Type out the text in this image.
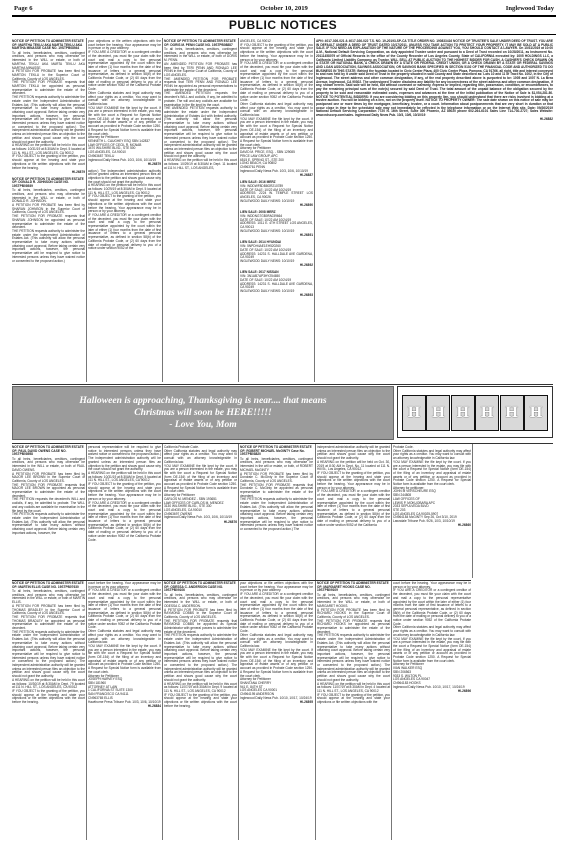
Page 6	October 10, 2019	Inglewood Today
PUBLIC NOTICES
Halloween is approaching, Thanksgiving is near.... that means
Christmas will soon be HERE!!!!!
- Love You, Mom
H H H H H H
NOTICE OF PETITION TO ADMINISTER ESTATE OF: MARTHA TEKLU AKA MARTA TEKLU AKA MARTHA MINASSE CASE NO. 19STPB08944
To all heirs, beneficiaries, creditors, contingent creditors, and persons who may otherwise be interested in the WILL or estate, or both of MARTHA TEKLU AKA MARTA TEKLU AKA MARTHA MINASSE.
A PETITION FOR PROBATE has been filed by MARTON TEKLU in the Superior Court of California, County of LOS ANGELES.
THE PETITION FOR PROBATE requests that MARTON TEKLU be appointed as personal representative to administer the estate of the decedent.
THE PETITION requests authority to administer the estate under the Independent Administration of Estates Act. (This authority will allow the personal representative to take many actions without obtaining court approval. Before taking certain very important actions, however, the personal representative will be required to give notice to interested persons unless they have waived notice or consented to the proposed action.) The independent administration authority will be granted unless an interested person files an objection to the petition and shows good cause why the court should not grant the authority.
A HEARING on the petition will be held in this court as follows: 10/31/19 at 8:30AM in Dept. 5 located at 111 N. HILL ST., LOS ANGELES, CA 90012
IF YOU OBJECT to the granting of the petition, you should appear at the hearing and state your objections or file written objections with the court before the hearing.
HI-26879
NOTICE OF PETITION TO ADMINISTER ESTATE OF: DONALD R. JOHNSON CASE NO. 19STPB08939
To all heirs, beneficiaries, creditors, contingent creditors, and persons who may otherwise be interested in the WILL or estate, or both of DONALD R. JOHNSON.
A PETITION FOR PROBATE has been filed by SHARAN JOHNSON in the Superior Court of California, County of LOS ANGELES.
THE PETITION FOR PROBATE requests that SHARAN JOHNSON be appointed as personal representative to administer the estate of the decedent.
THE PETITION requests authority to administer the estate under the Independent Administration of Estates Act. (This authority will allow the personal representative to take many actions without obtaining court approval. Before taking certain very important actions, however, the personal representative will be required to give notice to interested persons unless they have waived notice or consented to the proposed action.)
your objections or file written objections with the court before the hearing. Your appearance may be in person or by your attorney.
IF YOU ARE A CREDITOR or a contingent creditor of the decedent, you must file your claim with the court and mail a copy to the personal representative appointed by the court within the later of either (1) four months from the date of first issuance of letters to a general personal representative, as defined in section 58(b) of the California Probate Code, or (2) 60 days from the date of mailing or personal delivery to you of a notice under section 9052 of the California Probate Code.
Other California statutes and legal authority may affect your rights as a creditor. You may want to consult with an attorney knowledgeable in California law.
YOU MAY EXAMINE the file kept by the court. If you are a person interested in the estate, you may file with the court a Request for Special Notice (form DE-154) of the filing of an inventory and appraisal of estate assets or of any petition or account as provided in Probate Code section 1250. A Request for Special Notice form is available from the court clerk.
Attorney for Petitioner
KENNETH L. CAUGHEY ESQ SBN 142837
LAW OFFICES OF CECIL R. MCNAB
3470 WILSHIRE BLVD., STE 500
LOS ANGELES, CA 90010
CN963687 TEKLU
Inglewood Daily News Pub. 10/3, 10/6, 10/10/19
HI-26879
action.) The independent administration authority will be granted unless an interested person files an objection to the petition and shows good cause why the court should not grant the authority.
A HEARING on the petition will be held in this court as follows: 10/29/19 at 8:30AM in Dept. 5 located at 111 N. HILL ST., LOS ANGELES, CA 90012
IF YOU OBJECT to the granting of the petition, you should appear at the hearing and state your objections or file written objections with the court before the hearing. Your appearance may be in person or by your attorney.
IF YOU ARE A CREDITOR or a contingent creditor of the decedent, you must file your claim with the court and mail a copy to the personal representative appointed by the court within the later of either (1) four months from the date of first issuance of letters to a general personal representative, as defined in section 58(b) of the California Probate Code, or (2) 60 days from the date of mailing or personal delivery to you of a notice under section 9052 of the
NOTICE OF PETITION TO ADMINISTER ESTATE OF: DORIS M. PENN CASE NO. 19STPB08887
To all heirs, beneficiaries, creditors, contingent creditors, and persons who may otherwise be interested in the WILL or estate, or both of DORIS M. PENN.
AN AMENDED PETITION FOR PROBATE has been filed by TERI PENN AND RONALD LEE PENN in the Superior Court of California, County of LOS ANGELES.
THE AMENDED PETITION FOR PROBATE requests that TERI PENN AND RONALD LEE PENN be appointed as personal representatives to administer the estate of the decedent.
THE AMENDED PETITION requests the decedent's WILL and codicils, if any, be admitted to probate. The will and any codicils are available for examination in the file kept by the court.
THE AMENDED PETITION requests authority to administer the estate under the Independent Administration of Estates Act with limited authority. (This authority will allow the personal representative to take many actions without obtaining court approval. Before taking certain very important actions, however, the personal representative will be required to give notice to interested persons unless they have waived notice or consented to the proposed action.) The independent administration authority will be granted unless an interested person files an objection to the petition and shows good cause why the court should not grant the authority.
A HEARING on the petition will be held in this court as follows: 10/29/19 at 8:30AM in Dept. 11 located at 111 N. HILL ST., LOS ANGELES,
ANGELES, CA 90012
IF YOU OBJECT to the granting of the petition, you should appear at the hearing and state your objections or file written objections with the court before the hearing. Your appearance may be in person or by your attorney.
IF YOU ARE A CREDITOR or a contingent creditor of the decedent, you must file your claim with the court and mail a copy to the personal representative appointed by the court within the later of either (1) four months from the date of first issuance of letters to a general personal representative, as defined in section 58(b) of the California Probate Code, or (2) 60 days from the date of mailing or personal delivery to you of a notice under section 9052 of the California Probate Code.
Other California statutes and legal authority may affect your rights as a creditor. You may want to consult with an attorney knowledgeable in California law.
YOU MAY EXAMINE the file kept by the court. If you are a person interested in the estate, you may file with the court a Request for Special Notice (form DE-154) of the filing of an inventory and appraisal of estate assets or of any petition or account as provided in Probate Code section 1250. A Request for Special Notice form is available from the court clerk.
Attorney for Petitioner
DAVID M. PRICE, ESQ. - SBN 129085
PRICE LAW GROUP, APC
6515 E. SPRING ST., STE 200
LONG BEACH, CA 90802
CN963761 PENN
Inglewood Daily News Pub. 10/3, 10/6, 10/10/19
HI-26887
LIEN SALE: 2016 MERZ
VIN: WDDWF8DB8GR210789
DATE OF SALE: 10/22 AM 10/24/19
ADDRESS: 2224 W. TEMPLE STREET LOS ANGELES, CA 90026
INGLEWOOD DAILY NEWS: 10/10/19
HI-26890
LIEN SALE: 2008 MERZ
VIN: WDDNG7GB0FA039664
DATE OF SALE: 10/22 AM 10/24/19
ADDRESS: 1011 E. 4TH STREET LOS ANGELES, CA 90013
INGLEWOOD DAILY NEWS: 10/10/19
HI-26891
LIEN SALE: 2014 HYUNDAI
VIN: 5NPDH4AE1EH520260
DATE OF SALE: 10/22 AM 10/24/19
ADDRESS: 14231 S. HALLDALE AVE GARDENA, CA 90249
INGLEWOOD DAILY NEWS: 10/10/19
HI-26892
LIEN SALE: 2017 NISSAN
VIN: 3N1AB7AP3HY254650
DATE OF SALE: 10/22 AM 10/24/19
ADDRESS: 14231 S. HALLDALE AVE GARDENA, CA 90249
INGLEWOOD DAILY NEWS: 10/10/19
HI-26893
APN: 4017-026-021 & 4017-026-022 T.S. NO. 19-20193-SP-CA TITLE ORDER NO. 190833416 NOTICE OF TRUSTEE'S SALE UNDER DEED OF TRUST. YOU ARE IN DEFAULT UNDER A DEED OF TRUST DATED 10/17/2011. UNLESS YOU TAKE ACTION TO PROTECT YOUR PROPERTY, IT MAY BE SOLD AT A PUBLIC SALE. IF YOU NEED AN EXPLANATION OF THE NATURE OF THE PROCEEDING AGAINST YOU, YOU SHOULD CONTACT A LAWYER. On 10/31/2019 at 10:00 A.M., National Default Servicing Corporation, as duly appointed Trustee under and pursuant to a Deed of Trust recorded on 10/28/2011, as Instrument No. 20111458079 of Official Records in the office of the County Recorder of Los Angeles County, State of CALIFORNIA executed by: 1005 HOLDINGS LLC, a California Limited Liability Company, as Trustor, WILL SELL AT PUBLIC AUCTION TO THE HIGHEST BIDDER FOR CASH, A CASHIER'S CHECK DRAWN ON A STATE OR NATIONAL BANK, A CHECK DRAWN BY A STATE OR FEDERAL CREDIT UNION, OR A CHECK DRAWN BY A STATE OR FEDERAL SAVINGS AND LOAN ASSOCIATION, SAVINGS ASSOCIATION, OR SAVINGS BANK SPECIFIED IN SECTION 5102 OF THE FINANCIAL CODE AND AUTHORIZED TO DO BUSINESS IN THIS STATE; Behind the fountain located in Civic Center Plaza, 400 Civic Center Plaza, Pomona, CA 91766, all right, title and interest conveyed to and now held by it under said Deed of Trust in the property situated in said County and State described as: Lots 10 and 11 of Tract No. 1002, in the City of Inglewood. The street address and other common designation, if any, of the real property described above is purported to be: 1005 and 1007 N. La Brea Avenue, Inglewood, CA 90302. The undersigned Trustee disclaims any liability for any incorrectness of the street address and other common designation, if any, shown herein. Said sale will be held, but without covenant or warranty, express or implied, regarding title, possession, condition, or encumbrances, to pay the remaining principal sum of the note(s) secured by said Deed of Trust. The total amount of the unpaid balance of the obligation secured by the property to be sold and reasonable estimated costs, expenses and advances at the time of the initial publication of the Notice of Sale is $1,054,281.80. NOTICE TO POTENTIAL BIDDERS: If you are considering bidding on this property lien, you should understand that there are risks involved in bidding at a trustee auction. You will be bidding on a lien, not on the property itself. NOTICE TO PROPERTY OWNER: The sale date shown on this notice of sale may be postponed one or more times by the mortgagee, beneficiary, trustee, or a court. Information about postponements that are very short in duration or that occur close in time to the scheduled sale may not immediately be reflected in the telephone information or on the Internet Web site. Date: 09/26/2019 National Default Servicing Corporation 7720 N. 16th Street, Suite 300 Phoenix, AZ 85020 phone 602-264-6101 Sales Line 714-730-2727; Sales Website: www.ndscorp.com/sales. Inglewood Daily News Pub. 10/3, 10/6, 10/10/19
HI-26882
NOTICE OF PETITION TO ADMINISTER ESTATE OF: PAUL DAVID OWENS CASE NO. 19STPB08958
To all heirs, beneficiaries, creditors, contingent creditors, and persons who may otherwise be interested in the WILL or estate, or both of PAUL DAVID OWENS.
A PETITION FOR PROBATE has been filed by MAJOR LEE BROWN in the Superior Court of California, County of LOS ANGELES.
THE PETITION FOR PROBATE requests that MAJOR LEE BROWN be appointed as personal representative to administer the estate of the decedent.
THE PETITION requests the decedent's WILL and codicils, if any, be admitted to probate. The WILL and any codicils are available for examination in the file kept by the court.
THE PETITION requests authority to administer the estate under the Independent Administration of Estates Act. (This authority will allow the personal representative to take many actions without obtaining court approval. Before taking certain very important actions, however, the
personal representative will be required to give notice to interested persons unless they have waived notice or consented to the proposed action.) The independent administration authority will be granted unless an interested person files an objection to the petition and shows good cause why the court should not grant the authority.
A HEARING on the petition will be held in this court as follows: 10/31/19 at 8:30AM in Dept. 5 located at 111 N. HILL ST., LOS ANGELES, CA 90012
IF YOU OBJECT to the granting of the petition, you should appear at the hearing and state your objections or file written objections with the court before the hearing. Your appearance may be in person or by your attorney.
IF YOU ARE A CREDITOR or a contingent creditor of the decedent, you must file your claim with the court and mail a copy to the personal representative appointed by the court within the later of either (1) four months from the date of first issuance of letters to a general personal representative, as defined in section 58(b) of the California Probate Code, or (2) 60 days from the date of mailing or personal delivery to you of a notice under section 9052 of the California Probate Code.
California Probate Code.
Other California statutes and legal authority may affect your rights as a creditor. You may want to consult with an attorney knowledgeable in California law.
YOU MAY EXAMINE the file kept by the court. If you are a person interested in the estate, you may file with the court a Request for Special Notice (form DE-154) of the filing of an inventory and appraisal of estate assets or of any petition or account as provided in Probate Code section 1250. A Request for Special Notice form is available from the court clerk.
Attorney for Petitioner
CARLOS M. MENDEZ - SBN 193651
LAW OFFICES OF CARLOS M. MENDEZ
3130 WILSHIRE BLVD., STE 330
LOS ANGELES, CA 90010
CN963697 OWENS
Inglewood Daily News Pub. 10/3, 10/6, 10/10/19
HI-26876
NOTICE OF PETITION TO ADMINISTER ESTATE OF: ROBERT MICHAEL McGINTY Case No. 19STPB08820
To all heirs, beneficiaries, creditors, contingent creditors, and persons who may otherwise be interested in the will or estate, or both, of ROBERT MICHAEL McGINTY
A PETITION FOR PROBATE has been filed by Dondrale C. McGinty in the Superior Court of California, County of LOS ANGELES.
THE PETITION FOR PROBATE requests that Dondrale C. McGinty be appointed as personal representative to administer the estate of the decedent.
THE PETITION requests authority to administer the estate under the Independent Administration of Estates Act. (This authority will allow the personal representative to take many actions without obtaining court approval. Before taking certain very important actions, however, the personal representative will be required to give notice to interested persons unless they have waived notice or consented to the proposed action.) The
independent administration authority will be granted unless an interested person files an objection to the petition and shows good cause why the court should not grant the authority.
A HEARING on the petition will be held on Oct. 30, 2019 at 8:30 AM in Dept. No. 11 located at 111 N. Hill St., Los Angeles, CA 90012.
IF YOU OBJECT to the granting of the petition, you should appear at the hearing and state your objections or file written objections with the court before the hearing. Your appearance may be in person or by your attorney.
IF YOU ARE A CREDITOR or a contingent creditor of the decedent, you must file your claim with the court and mail a copy to the personal representative appointed by the court within the later of either (1) four months from the date of first issuance of letters to a general personal representative, as defined in section 58(b) of the California Probate Code, or (2) 60 days from the date of mailing or personal delivery to you of a notice under section 9052 of the California
Probate Code.
Other California statutes and legal authority may affect your rights as a creditor. You may want to consult with an attorney knowledgeable in California law.
YOU MAY EXAMINE the file kept by the court. If you are a person interested in the estate, you may file with the court a Request for Special Notice (form DE-154) of the filing of an inventory and appraisal of estate assets or of any petition or account as provided in Probate Code section 1250. A Request for Special Notice form is available from the court clerk.
Attorney for petitioner:
JOHN M VERSCHEURE ESQ
SBN 244808
LAW OFFICES OF
LEWIS P. MOKUOBARA APC
2033 SEPULVEDA BLVD
STE 203
LOS ANGELES CA 90025-5907
CN964184 McGINTY Sep 26, Oct 3/10, 2019
Lawndale Tribune Pub. 9/26, 10/3, 10/10/19
HI-26860
NOTICE OF PETITION TO ADMINISTER ESTATE OF: MARTIN ELLIS CASE NO. 19STPB07630
To all heirs, beneficiaries, creditors, contingent creditors, and persons who may otherwise be interested in the WILL or estate, or both of MARTIN ELLIS.
A PETITION FOR PROBATE has been filed by THOMAS BRADLEY in the Superior Court of California, County of LOS ANGELES.
THE PETITION FOR PROBATE requests that THOMAS BRADLEY be appointed as personal representative to administer the estate of the decedent.
THE PETITION requests authority to administer the estate under the Independent Administration of Estates Act. (This authority will allow the personal representative to take many actions without obtaining court approval. Before taking certain very important actions, however, the personal representative will be required to give notice to interested persons unless they have waived notice or consented to the proposed action.) The independent administration authority will be granted unless an interested person files an objection to the petition and shows good cause why the court should not grant the authority.
A HEARING on the petition will be held in this court as follows: 10/30/19 at 8:30AM in Dept. 79 located at 111 N. HILL ST., LOS ANGELES, CA 90012
IF YOU OBJECT to the granting of the petition, you should appear at the hearing and state your objections or file written objections with the court before the hearing.
court before the hearing. Your appearance may be in person or by your attorney.
IF YOU ARE A CREDITOR or a contingent creditor of the decedent, you must file your claim with the court and mail a copy to the personal representative appointed by the court within the later of either (1) four months from the date of first issuance of letters to a general personal representative, as defined in section 58(b) of the California Probate Code, or (2) 60 days from the date of mailing or personal delivery to you of a notice under section 9052 of the California Probate Code.
Other California statutes and legal authority may affect your rights as a creditor. You may want to consult with an attorney knowledgeable in California law.
YOU MAY EXAMINE the file kept by the court. If you are a person interested in the estate, you may file with the court a Request for Special Notice (form DE-154) of the filing of an inventory and appraisal of estate assets or of any petition or account as provided in Probate Code section 1250. A Request for Special Notice form is available from the court clerk.
Attorney for Petitioner
JOSEPH HARVEY ESQ
SBN 181960
ATTORNEY AT LAW
1 CALIFORNIA ST SUITE 1300
SAN FRANCISCO CA 94111
CN963765 ELLIS
Hawthorne Press Tribune Pub. 10/3, 10/6, 10/10/19
HI-26884
NOTICE OF PETITION TO ADMINISTER ESTATE OF: ODESSA C. ANDERSON CASE NO. 19STPB09106
To all heirs, beneficiaries, creditors, contingent creditors, and persons who may otherwise be interested in the WILL or estate, or both of ODESSA C. ANDERSON.
A PETITION FOR PROBATE has been filed by RAYMOND COBBS in the Superior Court of California, County of LOS ANGELES.
THE PETITION FOR PROBATE requests that RAYMOND COBBS be appointed as Special Administrator with general powers to administer the estate of the decedent.
THE PETITION requests authority to administer the estate under the Independent Administration of Estates Act. (This authority will allow the personal representative to take many actions without obtaining court approval. Before taking certain very important actions, however, the personal representative will be required to give notice to interested persons unless they have waived notice or consented to the proposed action.) The independent administration authority will be granted unless an interested person files an objection to the petition and shows good cause why the court should not grant the authority.
A HEARING on the petition will be held in this court as follows: 11/07/19 at 8:30AM in Dept. 9 located at 111 N. HILL ST., LOS ANGELES, CA 90012
IF YOU OBJECT to the granting of the petition, you should appear at the hearing and state your objections or file written objections with the court before the hearing.
your objections or file written objections with the court before the hearing. Your appearance may be in person or by your attorney.
IF YOU ARE A CREDITOR or a contingent creditor of the decedent, you must file your claim with the court and mail a copy to the personal representative appointed by the court within the later of either (1) four months from the date of first issuance of letters to a general personal representative, as defined in section 58(b) of the California Probate Code, or (2) 60 days from the date of mailing or personal delivery to you of a notice under section 9052 of the California Probate Code.
Other California statutes and legal authority may affect your rights as a creditor. You may want to consult with an attorney knowledgeable in California law.
YOU MAY EXAMINE the file kept by the court. If you are a person interested in the estate, you may file with the court a Request for Special Notice (form DE-154) of the filing of an inventory and appraisal of estate assets or of any petition or account as provided in Probate Code section 1250. A Request for Special Notice form is available from the court clerk.
Attorney for Petitioner
SHANTANA CHERRY
941 E. 84TH ST
LOS ANGELES CA 90001
CN964195 ANDERSON
Inglewood Daily News Pub. 10/10, 10/17, 10/24/19
HI-26895
NOTICE OF PETITION TO ADMINISTER ESTATE OF: MARGARET HOOKS CASE NO. 19STPB09109
To all heirs, beneficiaries, creditors, contingent creditors, and persons who may otherwise be interested in the WILL or estate, or both of MARGARET HOOKS.
A PETITION FOR PROBATE has been filed by RICHARD HOOKS in the Superior Court of California, County of LOS ANGELES.
THE PETITION FOR PROBATE requests that RICHARD HOOKS be appointed as personal representative to administer the estate of the decedent.
THE PETITION requests authority to administer the estate under the Independent Administration of Estates Act. (This authority will allow the personal representative to take many actions without obtaining court approval. Before taking certain very important actions, however, the personal representative will be required to give notice to interested persons unless they have waived notice or consented to the proposed action.) The independent administration authority will be granted unless an interested person files an objection to the petition and shows good cause why the court should not grant the authority.
A HEARING on the petition will be held in this court as follows: 11/07/19 at 8:30AM in Dept. 4 located at 111 N. HILL ST., LOS ANGELES, CA 90012
IF YOU OBJECT to the granting of the petition, you should appear at the hearing and state your objections or file written objections with the
court before the hearing. Your appearance may be in person or by your attorney.
IF YOU ARE A CREDITOR or a contingent creditor of the decedent, you must file your claim with the court and mail a copy to the personal representative appointed by the court within the later of either (1) four months from the date of first issuance of letters to a general personal representative, as defined in section 58(b) of the California Probate Code, or (2) 60 days from the date of mailing or personal delivery to you of a notice under section 9052 of the California Probate Code.
Other California statutes and legal authority may affect your rights as a creditor. You may want to consult with an attorney knowledgeable in California law.
YOU MAY EXAMINE the file kept by the court. If you are a person interested in the estate, you may file with the court a Request for Special Notice (form DE-154) of the filing of an inventory and appraisal of estate assets or of any petition or account as provided in Probate Code section 1250. A Request for Special Notice form is available from the court clerk.
Attorney for Petitioner
IVAN WALKER ESQ
SBN 206563
9033 S. WILTON PL
LOS ANGELES CA 90047
CN964183 HOOKS
Inglewood Daily News Pub. 10/10, 10/17, 10/24/19
HI-26896
